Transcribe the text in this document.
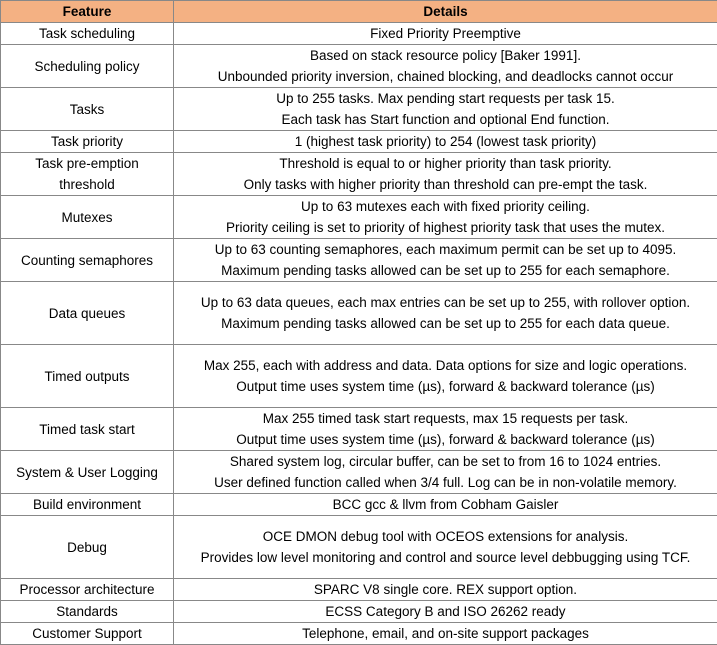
Feature	Details

Task scheduling	Fixed Priority Preemptive

Scheduling policy	Based on stack resource policy [Baker 1991].
Unbounded priority inversion, chained blocking, and deadlocks cannot occur

Tasks	Up to 255 tasks. Max pending start requests per task 15.
Each task has Start function and optional End function.

Task priority	1 (highest task priority) to 254 (lowest task priority)

Task pre-emption
threshold	Threshold is equal to or higher priority than task priority.
Only tasks with higher priority than threshold can pre-empt the task.

Mutexes	Up to 63 mutexes each with fixed priority ceiling.
Priority ceiling is set to priority of highest priority task that uses the mutex.

Counting semaphores	Up to 63 counting semaphores, each maximum permit can be set up to 4095.
Maximum pending tasks allowed can be set up to 255 for each semaphore.

Data queues	Up to 63 data queues, each max entries can be set up to 255, with rollover option.
Maximum pending tasks allowed can be set up to 255 for each data queue.

Timed outputs	Max 255, each with address and data. Data options for size and logic operations.
Output time uses system time (µs), forward & backward tolerance (µs)

Timed task start	Max 255 timed task start requests, max 15 requests per task.
Output time uses system time (µs), forward & backward tolerance (µs)

System & User Logging	Shared system log, circular buffer, can be set to from 16 to 1024 entries.
User defined function called when 3/4 full. Log can be in non-volatile memory.

Build environment	BCC gcc & llvm from Cobham Gaisler

Debug	OCE DMON debug tool with OCEOS extensions for analysis.
Provides low level monitoring and control and source level debbugging using TCF.

Processor architecture	SPARC V8 single core. REX support option.

Standards	ECSS Category B and ISO 26262 ready

Customer Support	Telephone, email, and on-site support packages
